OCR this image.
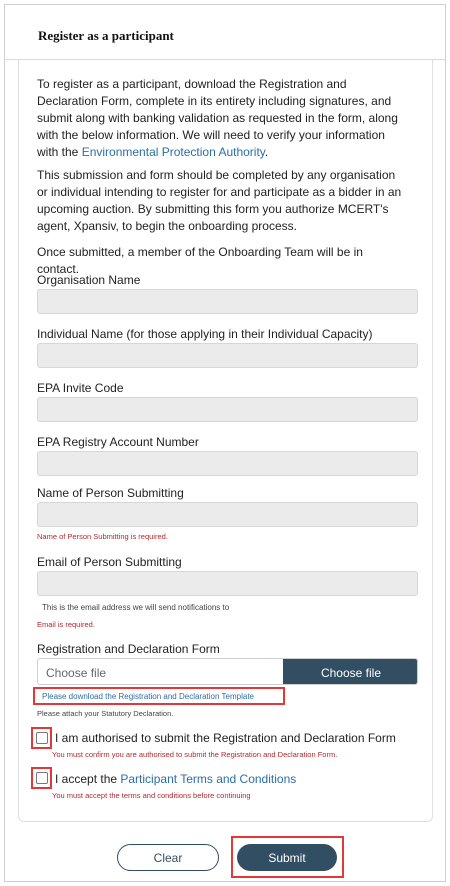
Register as a participant
To register as a participant, download the Registration and Declaration Form, complete in its entirety including signatures, and submit along with banking validation as requested in the form, along with the below information. We will need to verify your information with the Environmental Protection Authority.
This submission and form should be completed by any organisation or individual intending to register for and participate as a bidder in an upcoming auction. By submitting this form you authorize MCERT's agent, Xpansiv, to begin the onboarding process.
Once submitted, a member of the Onboarding Team will be in contact.
Organisation Name
Individual Name (for those applying in their Individual Capacity)
EPA Invite Code
EPA Registry Account Number
Name of Person Submitting
Name of Person Submitting is required.
Email of Person Submitting
This is the email address we will send notifications to
Email is required.
Registration and Declaration Form
Choose file	Choose file
Please download the Registration and Declaration Template
Please attach your Statutory Declaration.
I am authorised to submit the Registration and Declaration Form
You must confirm you are authorised to submit the Registration and Declaration Form.
I accept the Participant Terms and Conditions
You must accept the terms and conditions before continuing
Clear	Submit
